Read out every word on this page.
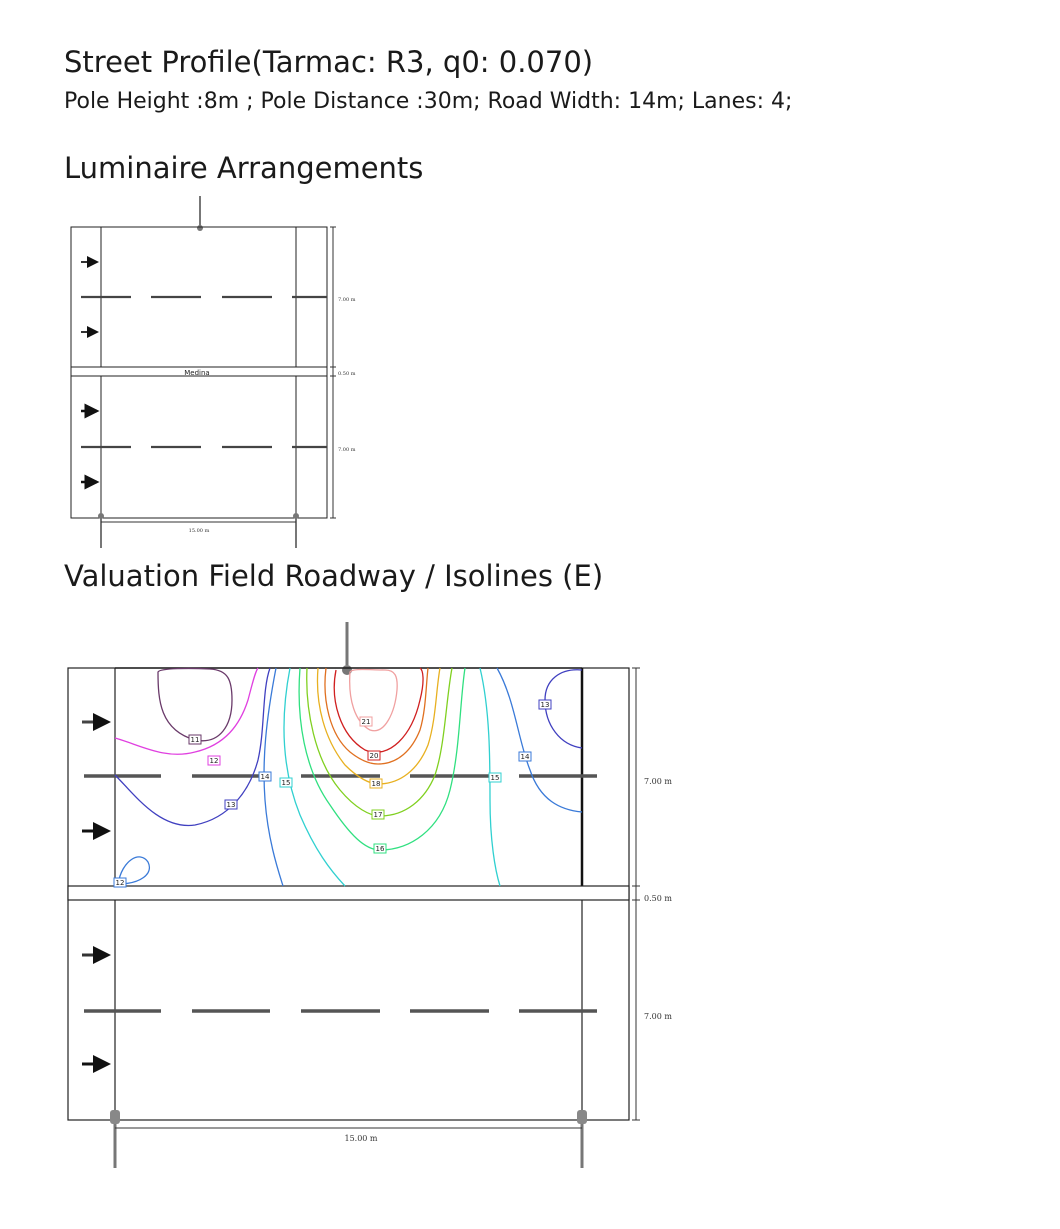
Street Profile(Tarmac: R3, q0: 0.070)
Pole Height :8m ; Pole Distance :30m; Road Width: 14m; Lanes: 4;
Luminaire Arrangements
Valuation Field Roadway / Isolines (E)
Medina
7.00 m
0.50 m
7.00 m
15.00 m
11
12
13
13
14
14
15
15
16
17
18
20
21
12
7.00 m
0.50 m
7.00 m
15.00 m
